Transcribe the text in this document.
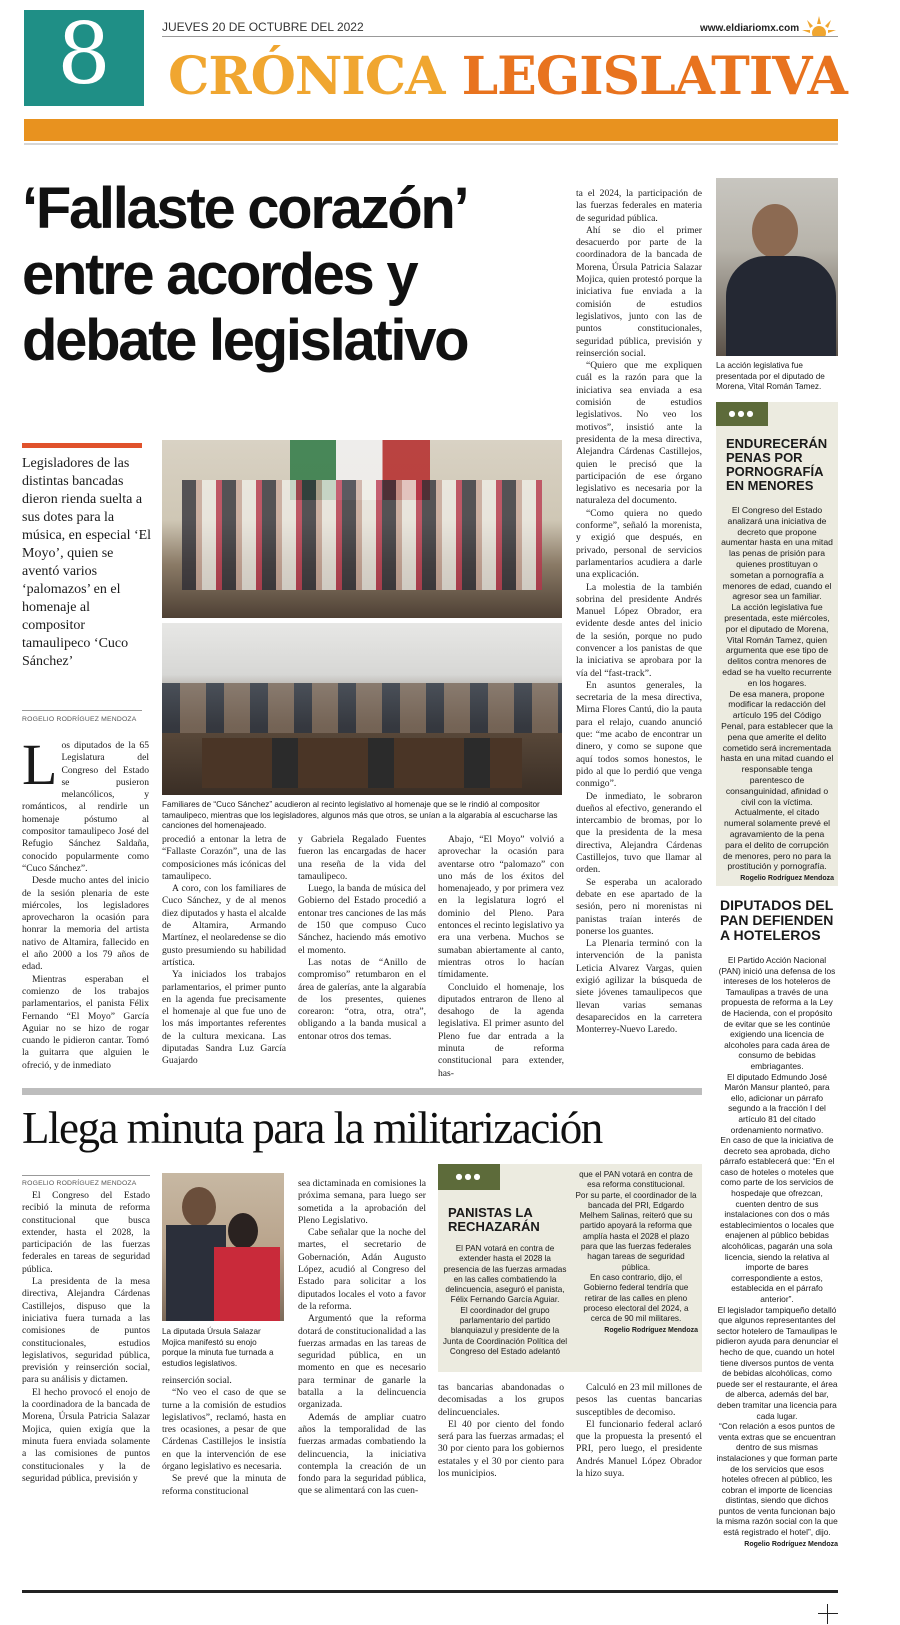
8	JUEVES 20 DE OCTUBRE DEL 2022	www.eldiariomx.com
CRÓNICA LEGISLATIVA
‘Fallaste corazón’
entre acordes y
debate legislativo
Legisladores de las distintas bancadas dieron rienda suelta a sus dotes para la música, en especial ‘El Moyo’, quien se aventó varios ‘palomazos’ en el homenaje al compositor tamaulipeco ‘Cuco Sánchez’
ROGELIO RODRÍGUEZ MENDOZA
Familiares de “Cuco Sánchez” acudieron al recinto legislativo al homenaje que se le rindió al compositor tamaulipeco, mientras que los legisladores, algunos más que otros, se unían a la algarabía al escucharse las canciones del homenajeado.
L os diputados de la 65 Legislatura del Congreso del Estado se pusieron melancólicos, y románticos, al rendirle un homenaje póstumo al compositor tamaulipeco José del Refugio Sánchez Saldaña, conocido popularmente como “Cuco Sánchez”.

Desde mucho antes del inicio de la sesión plenaria de este miércoles, los legisladores aprovecharon la ocasión para honrar la memoria del artista nativo de Altamira, fallecido en el año 2000 a los 79 años de edad.

Mientras esperaban el comienzo de los trabajos parlamentarios, el panista Félix Fernando “El Moyo” García Aguiar no se hizo de rogar cuando le pidieron cantar. Tomó la guitarra que alguien le ofreció, y de inmediato

procedió a entonar la letra de “Fallaste Corazón”, una de las composiciones más icónicas del tamaulipeco.

A coro, con los familiares de Cuco Sánchez, y de al menos diez diputados y hasta el alcalde de Altamira, Armando Martínez, el neolaredense se dio gusto presumiendo su habilidad artística.

Ya iniciados los trabajos parlamentarios, el primer punto en la agenda fue precisamente el homenaje al que fue uno de los más importantes referentes de la cultura mexicana. Las diputadas Sandra Luz García Guajardo

y Gabriela Regalado Fuentes fueron las encargadas de hacer una reseña de la vida del tamaulipeco.

Luego, la banda de música del Gobierno del Estado procedió a entonar tres canciones de las más de 150 que compuso Cuco Sánchez, haciendo más emotivo el momento.

Las notas de “Anillo de compromiso” retumbaron en el área de galerías, ante la algarabía de los presentes, quienes corearon: “otra, otra, otra”, obligando a la banda musical a entonar otros dos temas.

Abajo, “El Moyo” volvió a aprovechar la ocasión para aventarse otro “palomazo” con uno más de los éxitos del homenajeado, y por primera vez en la legislatura logró el dominio del Pleno. Para entonces el recinto legislativo ya era una verbena. Muchos se sumaban abiertamente al canto, mientras otros lo hacían tímidamente.

Concluido el homenaje, los diputados entraron de lleno al desahogo de la agenda legislativa. El primer asunto del Pleno fue dar entrada a la minuta de reforma constitucional para extender, has-

ta el 2024, la participación de las fuerzas federales en materia de seguridad pública.

Ahí se dio el primer desacuerdo por parte de la coordinadora de la bancada de Morena, Úrsula Patricia Salazar Mojica, quien protestó porque la iniciativa fue enviada a la comisión de estudios legislativos, junto con las de puntos constitucionales, seguridad pública, previsión y reinserción social.

“Quiero que me expliquen cuál es la razón para que la iniciativa sea enviada a esa comisión de estudios legislativos. No veo los motivos”, insistió ante la presidenta de la mesa directiva, Alejandra Cárdenas Castillejos, quien le precisó que la participación de ese órgano legislativo es necesaria por la naturaleza del documento.

“Como quiera no quedo conforme”, señaló la morenista, y exigió que después, en privado, personal de servicios parlamentarios acudiera a darle una explicación.

La molestia de la también sobrina del presidente Andrés Manuel López Obrador, era evidente desde antes del inicio de la sesión, porque no pudo convencer a los panistas de que la iniciativa se aprobara por la vía del “fast-track”.

En asuntos generales, la secretaria de la mesa directiva, Mirna Flores Cantú, dio la pauta para el relajo, cuando anunció que: “me acabo de encontrar un dinero, y como se supone que aquí todos somos honestos, le pido al que lo perdió que venga conmigo”.

De inmediato, le sobraron dueños al efectivo, generando el intercambio de bromas, por lo que la presidenta de la mesa directiva, Alejandra Cárdenas Castillejos, tuvo que llamar al orden.

Se esperaba un acalorado debate en ese apartado de la sesión, pero ni morenistas ni panistas traían interés de ponerse los guantes.

La Plenaria terminó con la intervención de la panista Leticia Alvarez Vargas, quien exigió agilizar la búsqueda de siete jóvenes tamaulipecos que llevan varias semanas desaparecidos en la carretera Monterrey-Nuevo Laredo.

La acción legislativa fue presentada por el diputado de Morena, Vital Román Tamez.
●●●
ENDURECERÁN PENAS POR PORNOGRAFÍA EN MENORES

El Congreso del Estado analizará una iniciativa de decreto que propone aumentar hasta en una mitad las penas de prisión para quienes prostituyan o sometan a pornografía a menores de edad, cuando el agresor sea un familiar.

La acción legislativa fue presentada, este miércoles, por el diputado de Morena, Vital Román Tamez, quien argumenta que ese tipo de delitos contra menores de edad se ha vuelto recurrente en los hogares.

De esa manera, propone modificar la redacción del artículo 195 del Código Penal, para establecer que la pena que amerite el delito cometido será incrementada hasta en una mitad cuando el responsable tenga parentesco de consanguinidad, afinidad o civil con la víctima.

Actualmente, el citado numeral solamente prevé el agravamiento de la pena para el delito de corrupción de menores, pero no para la prostitución y pornografía.

Rogelio Rodríguez Mendoza
DIPUTADOS DEL PAN DEFIENDEN A HOTELEROS

El Partido Acción Nacional (PAN) inició una defensa de los intereses de los hoteleros de Tamaulipas a través de una propuesta de reforma a la Ley de Hacienda, con el propósito de evitar que se les continúe exigiendo una licencia de alcoholes para cada área de consumo de bebidas embriagantes.

El diputado Edmundo José Marón Mansur planteó, para ello, adicionar un párrafo segundo a la fracción I del artículo 81 del citado ordenamiento normativo.

En caso de que la iniciativa de decreto sea aprobada, dicho párrafo establecerá que: “En el caso de hoteles o moteles que como parte de los servicios de hospedaje que ofrezcan, cuenten dentro de sus instalaciones con dos o más establecimientos o locales que enajenen al público bebidas alcohólicas, pagarán una sola licencia, siendo la relativa al importe de bares correspondiente a estos, establecida en el párrafo anterior”.

El legislador tampiqueño detalló que algunos representantes del sector hotelero de Tamaulipas le pidieron ayuda para denunciar el hecho de que, cuando un hotel tiene diversos puntos de venta de bebidas alcohólicas, como puede ser el restaurante, el área de alberca, además del bar, deben tramitar una licencia para cada lugar.

“Con relación a esos puntos de venta extras que se encuentran dentro de sus mismas instalaciones y que forman parte de los servicios que esos hoteles ofrecen al público, les cobran el importe de licencias distintas, siendo que dichos puntos de venta funcionan bajo la misma razón social con la que está registrado el hotel”, dijo.

Rogelio Rodríguez Mendoza
Llega minuta para la militarización
ROGELIO RODRÍGUEZ MENDOZA

El Congreso del Estado recibió la minuta de reforma constitucional que busca extender, hasta el 2028, la participación de las fuerzas federales en tareas de seguridad pública.

La presidenta de la mesa directiva, Alejandra Cárdenas Castillejos, dispuso que la iniciativa fuera turnada a las comisiones de puntos constitucionales, estudios legislativos, seguridad pública, previsión y reinserción social, para su análisis y dictamen.

El hecho provocó el enojo de la coordinadora de la bancada de Morena, Úrsula Patricia Salazar Mojica, quien exigía que la minuta fuera enviada solamente a las comisiones de puntos constitucionales y la de seguridad pública, previsión y

La diputada Úrsula Salazar Mojica manifestó su enojo porque la minuta fue turnada a estudios legislativos.

reinserción social.

“No veo el caso de que se turne a la comisión de estudios legislativos”, reclamó, hasta en tres ocasiones, a pesar de que Cárdenas Castillejos le insistía en que la intervención de ese órgano legislativo es necesaria.

Se prevé que la minuta de reforma constitucional

sea dictaminada en comisiones la próxima semana, para luego ser sometida a la aprobación del Pleno Legislativo.

Cabe señalar que la noche del martes, el secretario de Gobernación, Adán Augusto López, acudió al Congreso del Estado para solicitar a los diputados locales el voto a favor de la reforma.

Argumentó que la reforma dotará de constitucionalidad a las fuerzas armadas en las tareas de seguridad pública, en un momento en que es necesario para terminar de ganarle la batalla a la delincuencia organizada.

Además de ampliar cuatro años la temporalidad de las fuerzas armadas combatiendo la delincuencia, la iniciativa contempla la creación de un fondo para la seguridad pública, que se alimentará con las cuen-

●●●
PANISTAS LA RECHAZARÁN

El PAN votará en contra de extender hasta el 2028 la presencia de las fuerzas armadas en las calles combatiendo la delincuencia, aseguró el panista, Félix Fernando García Aguiar.

El coordinador del grupo parlamentario del partido blanquiazul y presidente de la Junta de Coordinación Política del Congreso del Estado adelantó

que el PAN votará en contra de esa reforma constitucional.

Por su parte, el coordinador de la bancada del PRI, Edgardo Melhem Salinas, reiteró que su partido apoyará la reforma que amplía hasta el 2028 el plazo para que las fuerzas federales hagan tareas de seguridad pública.

En caso contrario, dijo, el Gobierno federal tendría que retirar de las calles en pleno proceso electoral del 2024, a cerca de 90 mil militares.

Rogelio Rodríguez Mendoza

tas bancarias abandonadas o decomisadas a los grupos delincuenciales.

El 40 por ciento del fondo será para las fuerzas armadas; el 30 por ciento para los gobiernos estatales y el 30 por ciento para los municipios.

Calculó en 23 mil millones de pesos las cuentas bancarias susceptibles de decomiso.

El funcionario federal aclaró que la propuesta la presentó el PRI, pero luego, el presidente Andrés Manuel López Obrador la hizo suya.
